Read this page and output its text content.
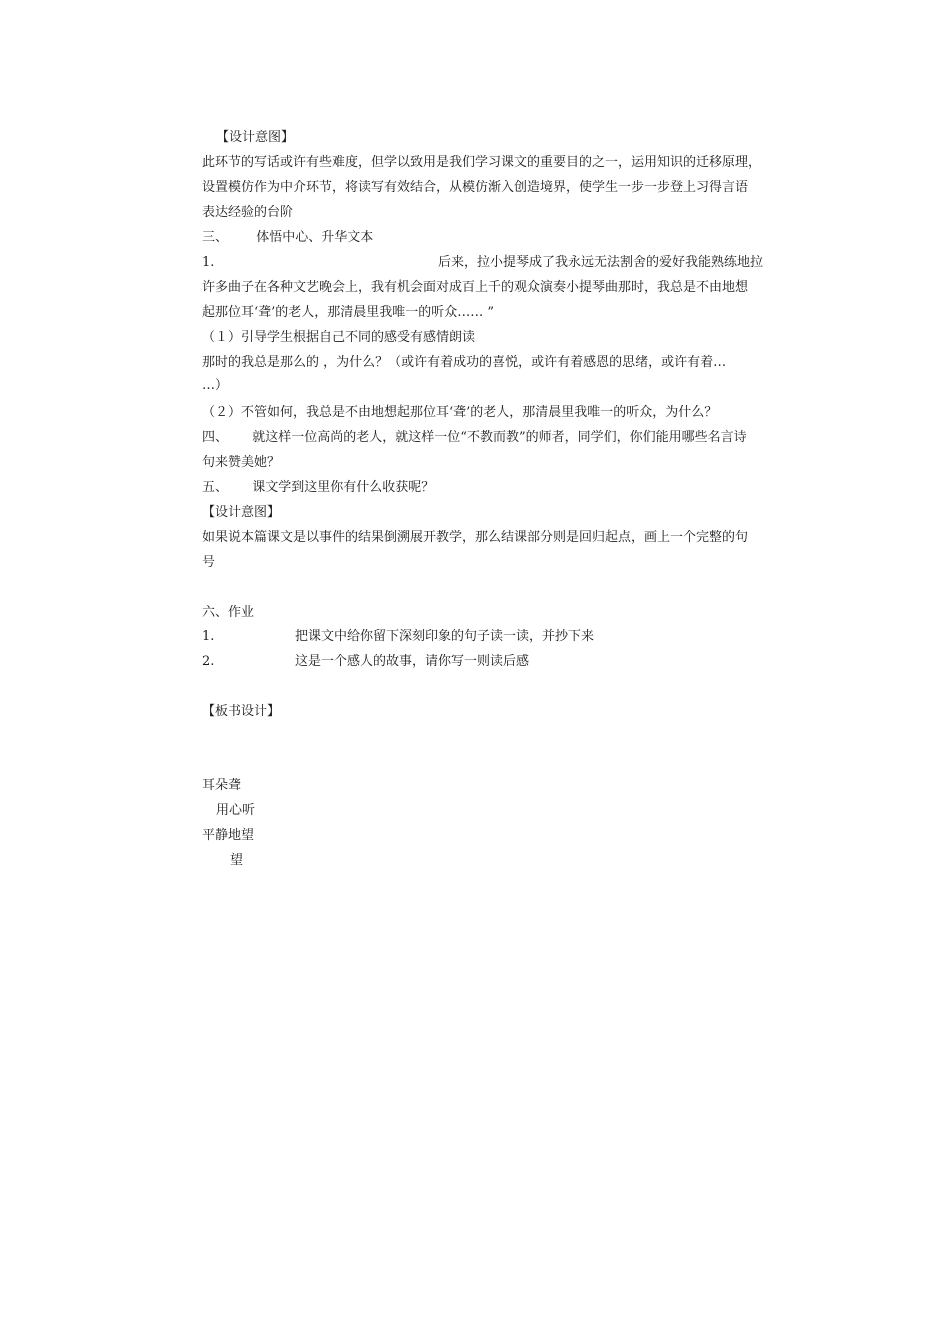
【设计意图】
此环节的写话或许有些难度，但学以致用是我们学习课文的重要目的之一，运用知识的迁移原理，
设置模仿作为中介环节，将读写有效结合，从模仿渐入创造境界，使学生一步一步登上习得言语
表达经验的台阶
三、 体悟中心、升华文本
1.	后来，拉小提琴成了我永远无法割舍的爱好我能熟练地拉
许多曲子在各种文艺晚会上，我有机会面对成百上千的观众演奏小提琴曲那时，我总是不由地想
起那位耳‘聋’的老人，那清晨里我唯一的听众…… ”
（１）引导学生根据自己不同的感受有感情朗读
那时的我总是那么的 ，为什么？（或许有着成功的喜悦，或许有着感恩的思绪，或许有着…
…）
（２）不管如何，我总是不由地想起那位耳‘聋’的老人，那清晨里我唯一的听众，为什么？
四、 就这样一位高尚的老人，就这样一位“不教而教”的师者，同学们，你们能用哪些名言诗
句来赞美她？
五、 课文学到这里你有什么收获呢？
【设计意图】
如果说本篇课文是以事件的结果倒溯展开教学，那么结课部分则是回归起点，画上一个完整的句
号
六、作业
1.	把课文中给你留下深刻印象的句子读一读，并抄下来
2.	这是一个感人的故事，请你写一则读后感
【板书设计】
耳朵聋
用心听
平静地望
望
